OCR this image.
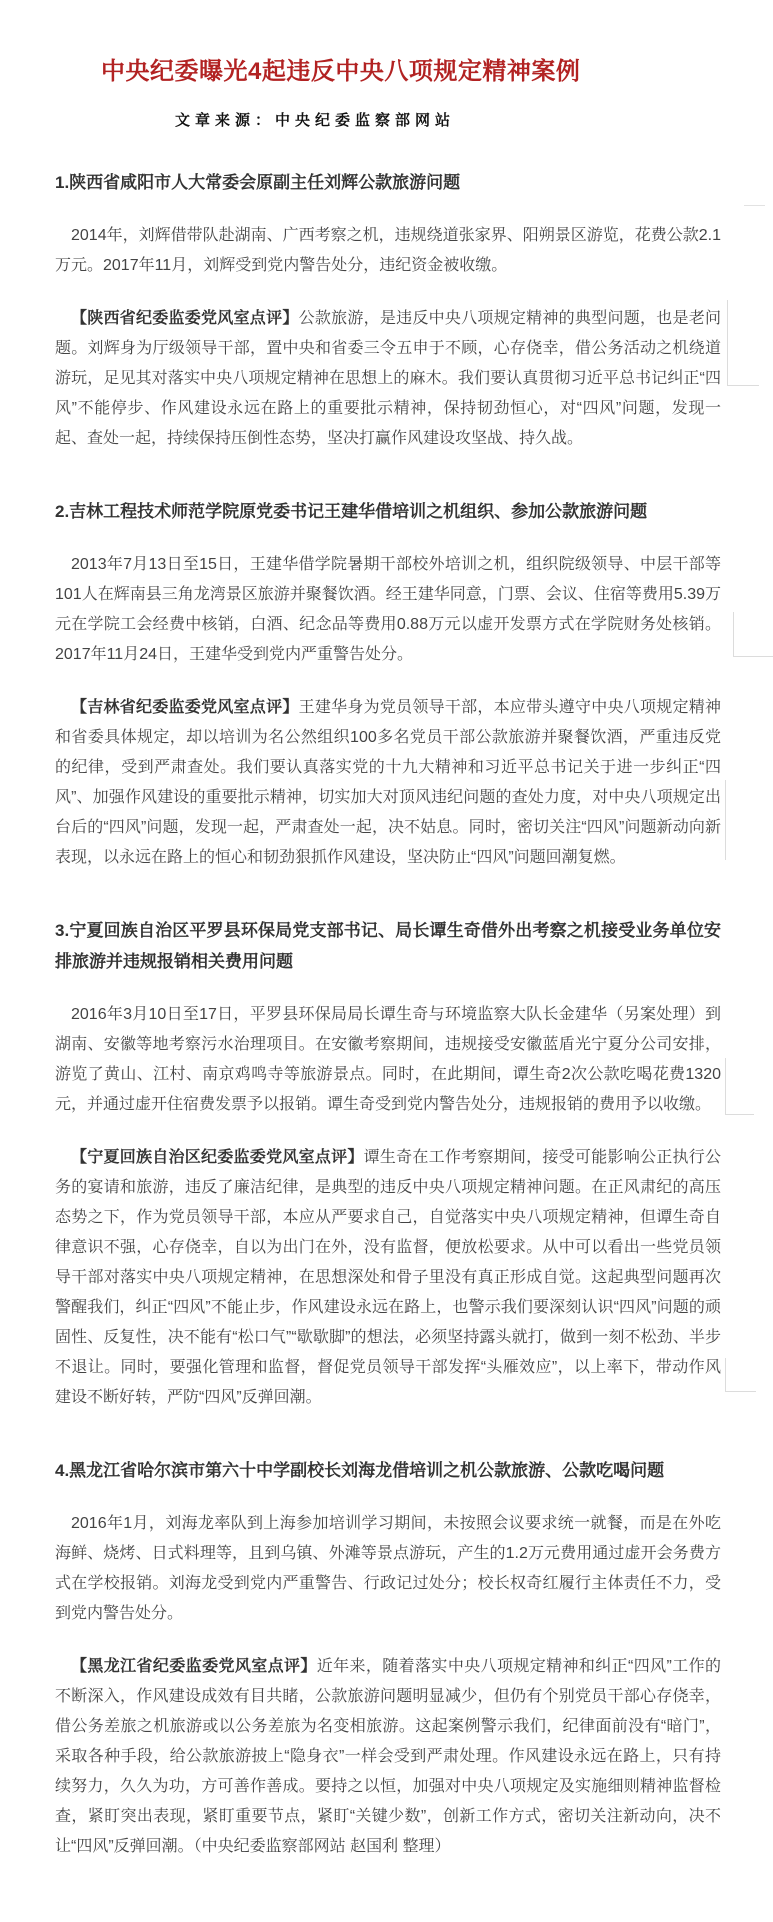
中央纪委曝光4起违反中央八项规定精神案例
文章来源：中央纪委监察部网站
1.陕西省咸阳市人大常委会原副主任刘辉公款旅游问题

2014年，刘辉借带队赴湖南、广西考察之机，违规绕道张家界、阳朔景区游览，花费公款2.1万元。2017年11月，刘辉受到党内警告处分，违纪资金被收缴。

【陕西省纪委监委党风室点评】公款旅游，是违反中央八项规定精神的典型问题，也是老问题。刘辉身为厅级领导干部，置中央和省委三令五申于不顾，心存侥幸，借公务活动之机绕道游玩，足见其对落实中央八项规定精神在思想上的麻木。我们要认真贯彻习近平总书记纠正“四风”不能停步、作风建设永远在路上的重要批示精神，保持韧劲恒心，对“四风”问题，发现一起、查处一起，持续保持压倒性态势，坚决打赢作风建设攻坚战、持久战。

2.吉林工程技术师范学院原党委书记王建华借培训之机组织、参加公款旅游问题

2013年7月13日至15日，王建华借学院暑期干部校外培训之机，组织院级领导、中层干部等101人在辉南县三角龙湾景区旅游并聚餐饮酒。经王建华同意，门票、会议、住宿等费用5.39万元在学院工会经费中核销，白酒、纪念品等费用0.88万元以虚开发票方式在学院财务处核销。2017年11月24日，王建华受到党内严重警告处分。

【吉林省纪委监委党风室点评】王建华身为党员领导干部，本应带头遵守中央八项规定精神和省委具体规定，却以培训为名公然组织100多名党员干部公款旅游并聚餐饮酒，严重违反党的纪律，受到严肃查处。我们要认真落实党的十九大精神和习近平总书记关于进一步纠正“四风”、加强作风建设的重要批示精神，切实加大对顶风违纪问题的查处力度，对中央八项规定出台后的“四风”问题，发现一起，严肃查处一起，决不姑息。同时，密切关注“四风”问题新动向新表现，以永远在路上的恒心和韧劲狠抓作风建设，坚决防止“四风”问题回潮复燃。

3.宁夏回族自治区平罗县环保局党支部书记、局长谭生奇借外出考察之机接受业务单位安排旅游并违规报销相关费用问题

2016年3月10日至17日，平罗县环保局局长谭生奇与环境监察大队长金建华（另案处理）到湖南、安徽等地考察污水治理项目。在安徽考察期间，违规接受安徽蓝盾光宁夏分公司安排，游览了黄山、江村、南京鸡鸣寺等旅游景点。同时，在此期间，谭生奇2次公款吃喝花费1320元，并通过虚开住宿费发票予以报销。谭生奇受到党内警告处分，违规报销的费用予以收缴。

【宁夏回族自治区纪委监委党风室点评】谭生奇在工作考察期间，接受可能影响公正执行公务的宴请和旅游，违反了廉洁纪律，是典型的违反中央八项规定精神问题。在正风肃纪的高压态势之下，作为党员领导干部，本应从严要求自己，自觉落实中央八项规定精神，但谭生奇自律意识不强，心存侥幸，自以为出门在外，没有监督，便放松要求。从中可以看出一些党员领导干部对落实中央八项规定精神，在思想深处和骨子里没有真正形成自觉。这起典型问题再次警醒我们，纠正“四风”不能止步，作风建设永远在路上，也警示我们要深刻认识“四风”问题的顽固性、反复性，决不能有“松口气”“歇歇脚”的想法，必须坚持露头就打，做到一刻不松劲、半步不退让。同时，要强化管理和监督，督促党员领导干部发挥“头雁效应”，以上率下，带动作风建设不断好转，严防“四风”反弹回潮。

4.黑龙江省哈尔滨市第六十中学副校长刘海龙借培训之机公款旅游、公款吃喝问题

2016年1月，刘海龙率队到上海参加培训学习期间，未按照会议要求统一就餐，而是在外吃海鲜、烧烤、日式料理等，且到乌镇、外滩等景点游玩，产生的1.2万元费用通过虚开会务费方式在学校报销。刘海龙受到党内严重警告、行政记过处分；校长权奇红履行主体责任不力，受到党内警告处分。

【黑龙江省纪委监委党风室点评】近年来，随着落实中央八项规定精神和纠正“四风”工作的不断深入，作风建设成效有目共睹，公款旅游问题明显减少，但仍有个别党员干部心存侥幸，借公务差旅之机旅游或以公务差旅为名变相旅游。这起案例警示我们，纪律面前没有“暗门”，采取各种手段，给公款旅游披上“隐身衣”一样会受到严肃处理。作风建设永远在路上，只有持续努力，久久为功，方可善作善成。要持之以恒，加强对中央八项规定及实施细则精神监督检查，紧盯突出表现，紧盯重要节点，紧盯“关键少数”，创新工作方式，密切关注新动向，决不让“四风”反弹回潮。（中央纪委监察部网站 赵国利 整理）
